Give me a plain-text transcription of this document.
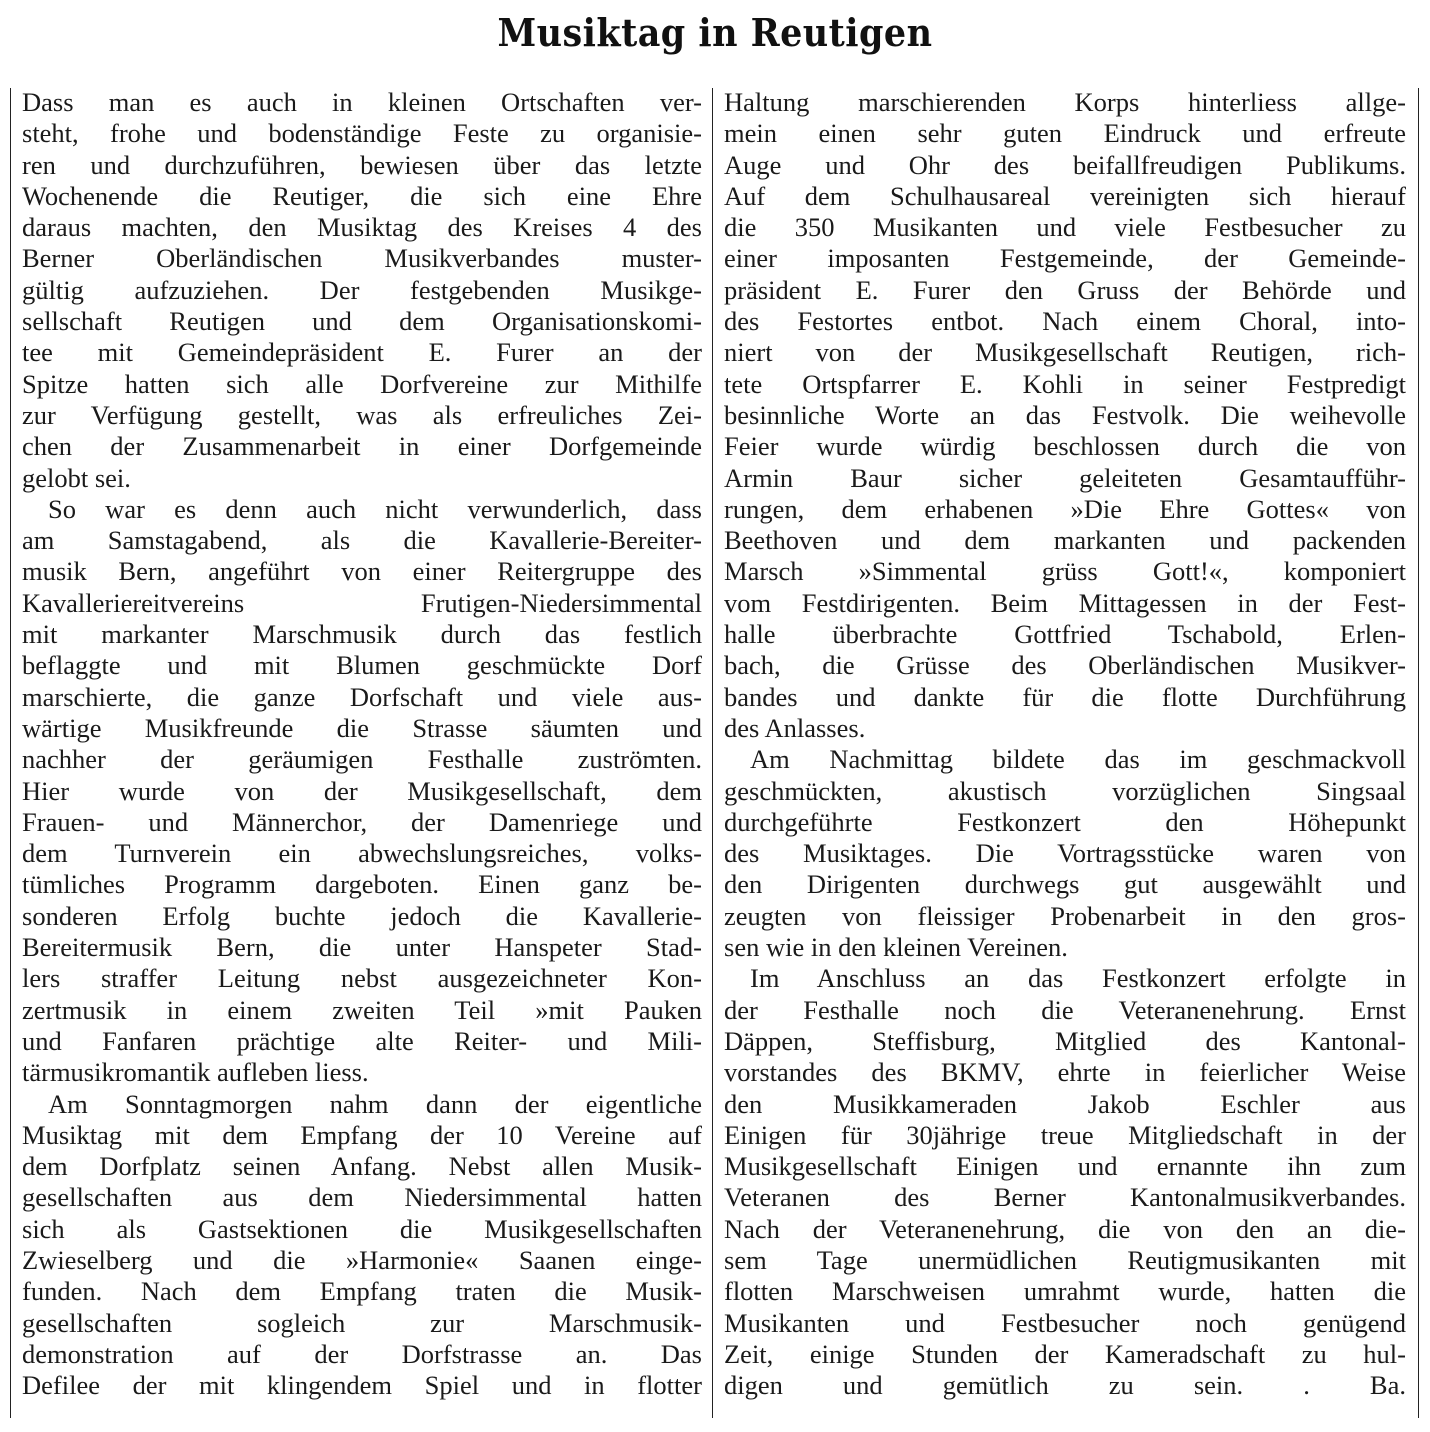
Musiktag in Reutigen
Dass man es auch in kleinen Ortschaften ver-
steht, frohe und bodenständige Feste zu organisie-
ren und durchzuführen, bewiesen über das letzte
Wochenende die Reutiger, die sich eine Ehre
daraus machten, den Musiktag des Kreises 4 des
Berner Oberländischen Musikverbandes muster-
gültig aufzuziehen. Der festgebenden Musikge-
sellschaft Reutigen und dem Organisationskomi-
tee mit Gemeindepräsident E. Furer an der
Spitze hatten sich alle Dorfvereine zur Mithilfe
zur Verfügung gestellt, was als erfreuliches Zei-
chen der Zusammenarbeit in einer Dorfgemeinde
gelobt sei.
So war es denn auch nicht verwunderlich, dass
am Samstagabend, als die Kavallerie-Bereiter-
musik Bern, angeführt von einer Reitergruppe des
Kavalleriereitvereins Frutigen-Niedersimmental
mit markanter Marschmusik durch das festlich
beflaggte und mit Blumen geschmückte Dorf
marschierte, die ganze Dorfschaft und viele aus-
wärtige Musikfreunde die Strasse säumten und
nachher der geräumigen Festhalle zuströmten.
Hier wurde von der Musikgesellschaft, dem
Frauen- und Männerchor, der Damenriege und
dem Turnverein ein abwechslungsreiches, volks-
tümliches Programm dargeboten. Einen ganz be-
sonderen Erfolg buchte jedoch die Kavallerie-
Bereitermusik Bern, die unter Hanspeter Stad-
lers straffer Leitung nebst ausgezeichneter Kon-
zertmusik in einem zweiten Teil »mit Pauken
und Fanfaren prächtige alte Reiter- und Mili-
tärmusikromantik aufleben liess.
Am Sonntagmorgen nahm dann der eigentliche
Musiktag mit dem Empfang der 10 Vereine auf
dem Dorfplatz seinen Anfang. Nebst allen Musik-
gesellschaften aus dem Niedersimmental hatten
sich als Gastsektionen die Musikgesellschaften
Zwieselberg und die »Harmonie« Saanen einge-
funden. Nach dem Empfang traten die Musik-
gesellschaften sogleich zur Marschmusik-
demonstration auf der Dorfstrasse an. Das
Defilee der mit klingendem Spiel und in flotter
Haltung marschierenden Korps hinterliess allge-
mein einen sehr guten Eindruck und erfreute
Auge und Ohr des beifallfreudigen Publikums.
Auf dem Schulhausareal vereinigten sich hierauf
die 350 Musikanten und viele Festbesucher zu
einer imposanten Festgemeinde, der Gemeinde-
präsident E. Furer den Gruss der Behörde und
des Festortes entbot. Nach einem Choral, into-
niert von der Musikgesellschaft Reutigen, rich-
tete Ortspfarrer E. Kohli in seiner Festpredigt
besinnliche Worte an das Festvolk. Die weihevolle
Feier wurde würdig beschlossen durch die von
Armin Baur sicher geleiteten Gesamtaufführ-
rungen, dem erhabenen »Die Ehre Gottes« von
Beethoven und dem markanten und packenden
Marsch »Simmental grüss Gott!«, komponiert
vom Festdirigenten. Beim Mittagessen in der Fest-
halle überbrachte Gottfried Tschabold, Erlen-
bach, die Grüsse des Oberländischen Musikver-
bandes und dankte für die flotte Durchführung
des Anlasses.
Am Nachmittag bildete das im geschmackvoll
geschmückten, akustisch vorzüglichen Singsaal
durchgeführte Festkonzert den Höhepunkt
des Musiktages. Die Vortragsstücke waren von
den Dirigenten durchwegs gut ausgewählt und
zeugten von fleissiger Probenarbeit in den gros-
sen wie in den kleinen Vereinen.
Im Anschluss an das Festkonzert erfolgte in
der Festhalle noch die Veteranenehrung. Ernst
Däppen, Steffisburg, Mitglied des Kantonal-
vorstandes des BKMV, ehrte in feierlicher Weise
den Musikkameraden Jakob Eschler aus
Einigen für 30jährige treue Mitgliedschaft in der
Musikgesellschaft Einigen und ernannte ihn zum
Veteranen des Berner Kantonalmusikverbandes.
Nach der Veteranenehrung, die von den an die-
sem Tage unermüdlichen Reutigmusikanten mit
flotten Marschweisen umrahmt wurde, hatten die
Musikanten und Festbesucher noch genügend
Zeit, einige Stunden der Kameradschaft zu hul-
digen und gemütlich zu sein. . Ba.
